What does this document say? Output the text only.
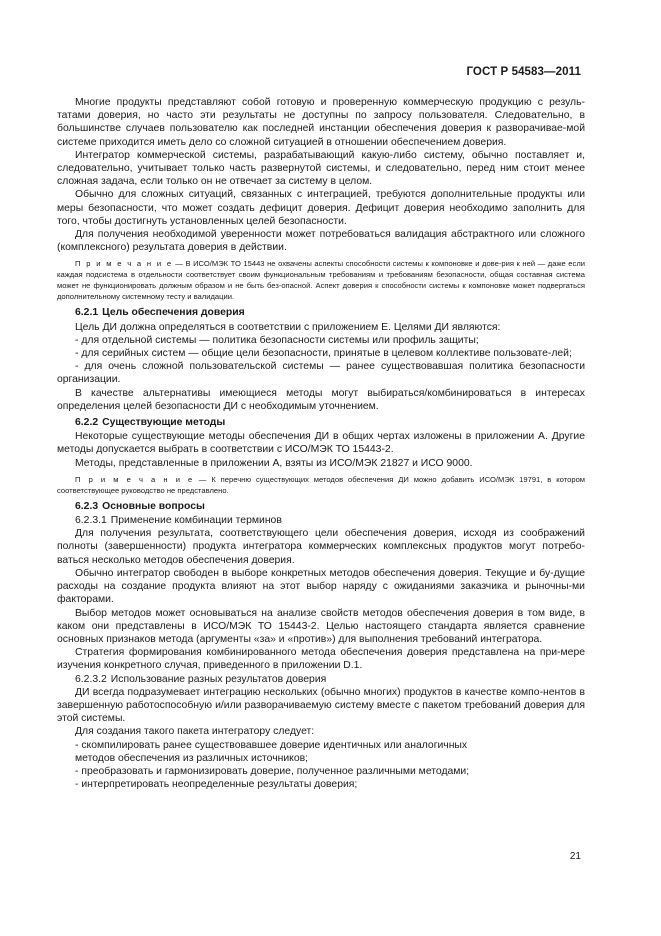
ГОСТ Р 54583—2011

Многие продукты представляют собой готовую и проверенную коммерческую продукцию с резуль-татами доверия, но часто эти результаты не доступны по запросу пользователя. Следовательно, в большинстве случаев пользователю как последней инстанции обеспечения доверия к разворачивае-мой системе приходится иметь дело со сложной ситуацией в отношении обеспечением доверия.

Интегратор коммерческой системы, разрабатывающий какую-либо систему, обычно поставляет и, следовательно, учитывает только часть развернутой системы, и следовательно, перед ним стоит менее сложная задача, если только он не отвечает за систему в целом.

Обычно для сложных ситуаций, связанных с интеграцией, требуются дополнительные продукты или меры безопасности, что может создать дефицит доверия. Дефицит доверия необходимо заполнить для того, чтобы достигнуть установленных целей безопасности.

Для получения необходимой уверенности может потребоваться валидация абстрактного или сложного (комплексного) результата доверия в действии.

П р и м е ч а н и е — В ИСО/МЭК ТО 15443 не охвачены аспекты способности системы к компоновке и дове-рия к ней — даже если каждая подсистема в отдельности соответствует своим функциональным требованиям и требованиям безопасности, общая составная система может не функционировать должным образом и не быть без-опасной. Аспект доверия к способности системы к компоновке может подвергаться дополнительному системному тесту и валидации.

6.2.1 Цель обеспечения доверия

Цель ДИ должна определяться в соответствии с приложением Е. Целями ДИ являются:

- для отдельной системы — политика безопасности системы или профиль защиты;

- для серийных систем — общие цели безопасности, принятые в целевом коллективе пользовате-лей;

- для очень сложной пользовательской системы — ранее существовавшая политика безопасности организации.

В качестве альтернативы имеющиеся методы могут выбираться/комбинироваться в интересах определения целей безопасности ДИ с необходимым уточнением.

6.2.2 Существующие методы

Некоторые существующие методы обеспечения ДИ в общих чертах изложены в приложении А. Другие методы допускается выбрать в соответствии с ИСО/МЭК ТО 15443-2.

Методы, представленные в приложении А, взяты из ИСО/МЭК 21827 и ИСО 9000.

П р и м е ч а н и е — К перечню существующих методов обеспечения ДИ можно добавить ИСО/МЭК 19791, в котором соответствующее руководство не представлено.

6.2.3 Основные вопросы

6.2.3.1 Применение комбинации терминов

Для получения результата, соответствующего цели обеспечения доверия, исходя из соображений полноты (завершенности) продукта интегратора коммерческих комплексных продуктов могут потребо-ваться несколько методов обеспечения доверия.

Обычно интегратор свободен в выборе конкретных методов обеспечения доверия. Текущие и бу-дущие расходы на создание продукта влияют на этот выбор наряду с ожиданиями заказчика и рыночны-ми факторами.

Выбор методов может основываться на анализе свойств методов обеспечения доверия в том виде, в каком они представлены в ИСО/МЭК ТО 15443-2. Целью настоящего стандарта является сравнение основных признаков метода (аргументы «за» и «против») для выполнения требований интегратора.

Стратегия формирования комбинированного метода обеспечения доверия представлена на при-мере изучения конкретного случая, приведенного в приложении D.1.

6.2.3.2 Использование разных результатов доверия

ДИ всегда подразумевает интеграцию нескольких (обычно многих) продуктов в качестве компо-нентов в завершенную работоспособную и/или разворачиваемую систему вместе с пакетом требований доверия для этой системы.

Для создания такого пакета интегратору следует:

- скомпилировать ранее существовавшее доверие идентичных или аналогичных

методов обеспечения из различных источников;

- преобразовать и гармонизировать доверие, полученное различными методами;

- интерпретировать неопределенные результаты доверия;

21
